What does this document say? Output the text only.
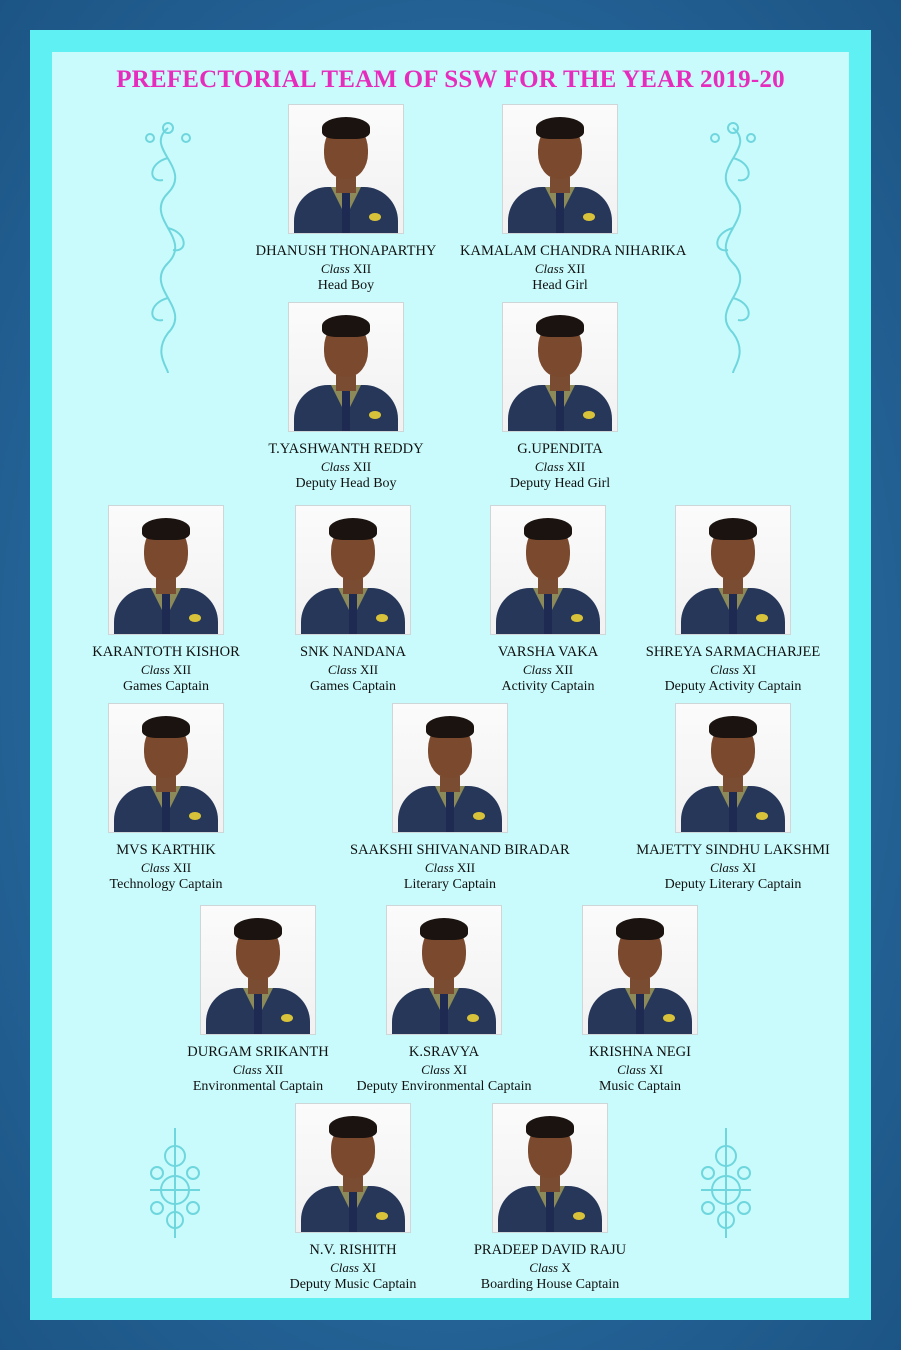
PREFECTORIAL TEAM OF SSW FOR THE YEAR 2019-20
DHANUSH THONAPARTHY
Class XII
Head Boy
KAMALAM CHANDRA NIHARIKA
Class XII
Head Girl
T.YASHWANTH REDDY
Class XII
Deputy Head Boy
G.UPENDITA
Class XII
Deputy Head Girl
KARANTOTH KISHOR
Class XII
Games Captain
SNK NANDANA
Class XII
Games Captain
VARSHA VAKA
Class XII
Activity Captain
SHREYA SARMACHARJEE
Class XI
Deputy Activity Captain
MVS KARTHIK
Class XII
Technology Captain
SAAKSHI SHIVANAND BIRADAR
Class XII
Literary Captain
MAJETTY SINDHU LAKSHMI
Class XI
Deputy Literary Captain
DURGAM SRIKANTH
Class XII
Environmental Captain
K.SRAVYA
Class XI
Deputy Environmental Captain
KRISHNA NEGI
Class XI
Music Captain
N.V. RISHITH
Class XI
Deputy Music Captain
PRADEEP DAVID RAJU
Class X
Boarding House Captain
